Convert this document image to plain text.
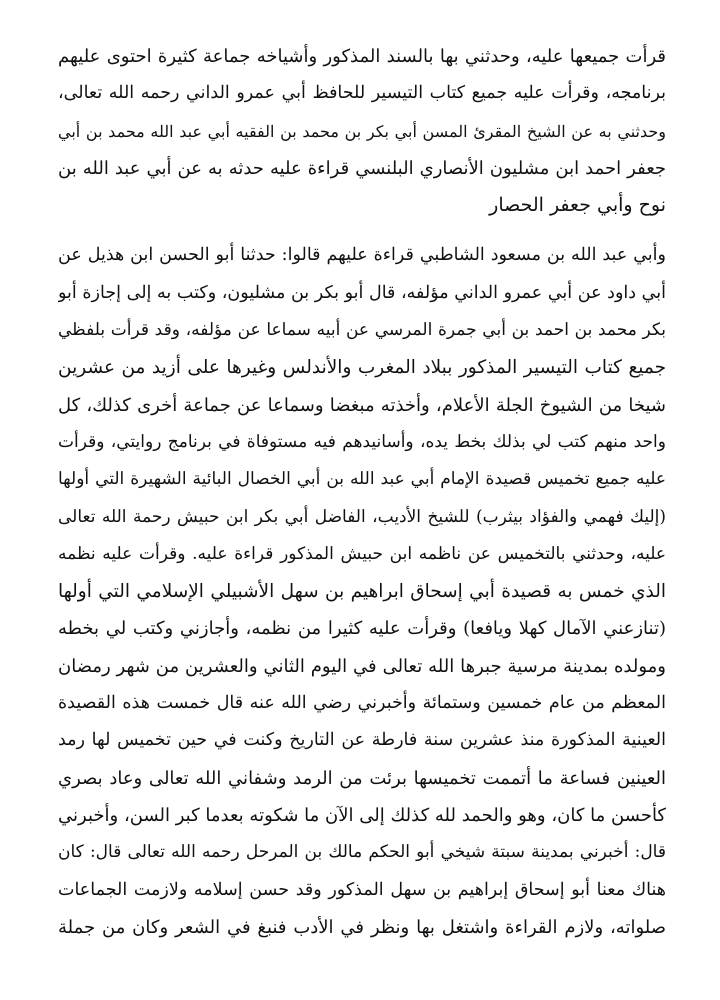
قرأت جميعها عليه، وحدثني بها بالسند المذكور وأشياخه جماعة كثيرة احتوى عليهم
برنامجه، وقرأت عليه جميع كتاب التيسير للحافظ أبي عمرو الداني رحمه الله تعالى،
وحدثني به عن الشيخ المقرئ المسن أبي بكر بن محمد بن الفقيه أبي عبد الله محمد بن أبي
جعفر احمد ابن مشليون الأنصاري البلنسي قراءة عليه حدثه به عن أبي عبد الله بن
نوح وأبي جعفر الحصار
وأبي عبد الله بن مسعود الشاطبي قراءة عليهم قالوا: حدثنا أبو الحسن ابن هذيل عن
أبي داود عن أبي عمرو الداني مؤلفه، قال أبو بكر بن مشليون، وكتب به إلى إجازة أبو
بكر محمد بن احمد بن أبي جمرة المرسي عن أبيه سماعا عن مؤلفه، وقد قرأت بلفظي
جميع كتاب التيسير المذكور ببلاد المغرب والأندلس وغيرها على أزيد من عشرين
شيخا من الشيوخ الجلة الأعلام، وأخذته مبغضا وسماعا عن جماعة أخرى كذلك، كل
واحد منهم كتب لي بذلك بخط يده، وأسانيدهم فيه مستوفاة في برنامج روايتي، وقرأت
عليه جميع تخميس قصيدة الإمام أبي عبد الله بن أبي الخصال البائية الشهيرة التي أولها
(إليك فهمي والفؤاد بيثرب) للشيخ الأديب، الفاضل أبي بكر ابن حبيش رحمة الله تعالى
عليه، وحدثني بالتخميس عن ناظمه ابن حبيش المذكور قراءة عليه. وقرأت عليه نظمه
الذي خمس به قصيدة أبي إسحاق ابراهيم بن سهل الأشبيلي الإسلامي التي أولها
(تنازعني الآمال كهلا ويافعا) وقرأت عليه كثيرا من نظمه، وأجازني وكتب لي بخطه
ومولده بمدينة مرسية جبرها الله تعالى في اليوم الثاني والعشرين من شهر رمضان
المعظم من عام خمسين وستمائة وأخبرني رضي الله عنه قال خمست هذه القصيدة
العينية المذكورة منذ عشرين سنة فارطة عن التاريخ وكنت في حين تخميس لها رمد
العينين فساعة ما أتممت تخميسها برئت من الرمد وشفاني الله تعالى وعاد بصري
كأحسن ما كان، وهو والحمد لله كذلك إلى الآن ما شكوته بعدما كبر السن، وأخبرني
قال: أخبرني بمدينة سبتة شيخي أبو الحكم مالك بن المرحل رحمه الله تعالى قال: كان
هناك معنا أبو إسحاق إبراهيم بن سهل المذكور وقد حسن إسلامه ولازمت الجماعات
صلواته، ولازم القراءة واشتغل بها ونظر في الأدب فنبغ في الشعر وكان من جملة
